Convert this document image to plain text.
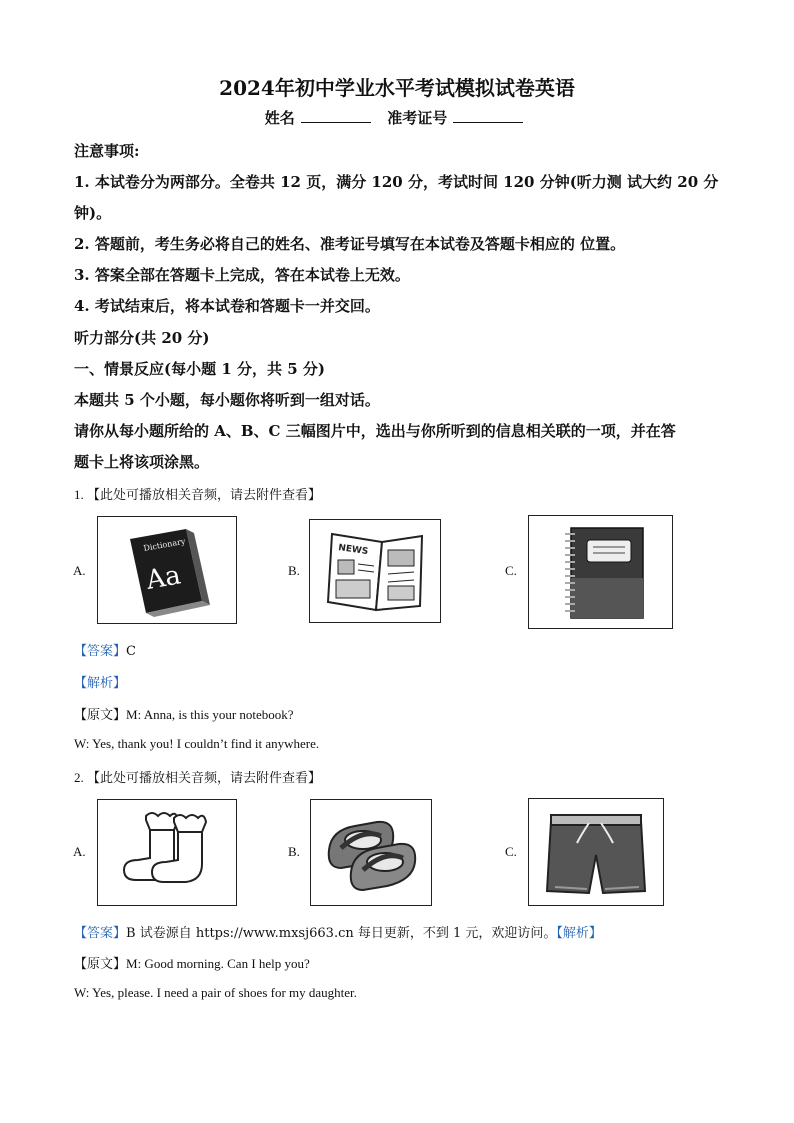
2024年初中学业水平考试模拟试卷英语
姓名	准考证号
注意事项:
1. 本试卷分为两部分。全卷共 12 页，满分 120 分，考试时间 120 分钟(听力测 试大约 20 分
钟)。
2. 答题前，考生务必将自己的姓名、准考证号填写在本试卷及答题卡相应的 位置。
3. 答案全部在答题卡上完成，答在本试卷上无效。
4. 考试结束后，将本试卷和答题卡一并交回。
听力部分(共 20 分)
一、情景反应(每小题 1 分，共 5 分)
本题共 5 个小题，每小题你将听到一组对话。
请你从每小题所给的 A、B、C 三幅图片中，选出与你所听到的信息相关联的一项，并在答
题卡上将该项涂黑。
1. 【此处可播放相关音频，请去附件查看】
A.
Dictionary
Aa	B.
NEWS
C.
【答案】C
【解析】
【原文】M: Anna, is this your notebook?
W: Yes, thank you! I couldn’t find it anywhere.
2. 【此处可播放相关音频，请去附件查看】
A.	B.	C.
【答案】B 试卷源自 https://www.mxsj663.cn 每日更新，不到 1 元，欢迎访问。【解析】
【原文】M: Good morning. Can I help you?
W: Yes, please. I need a pair of shoes for my daughter.
